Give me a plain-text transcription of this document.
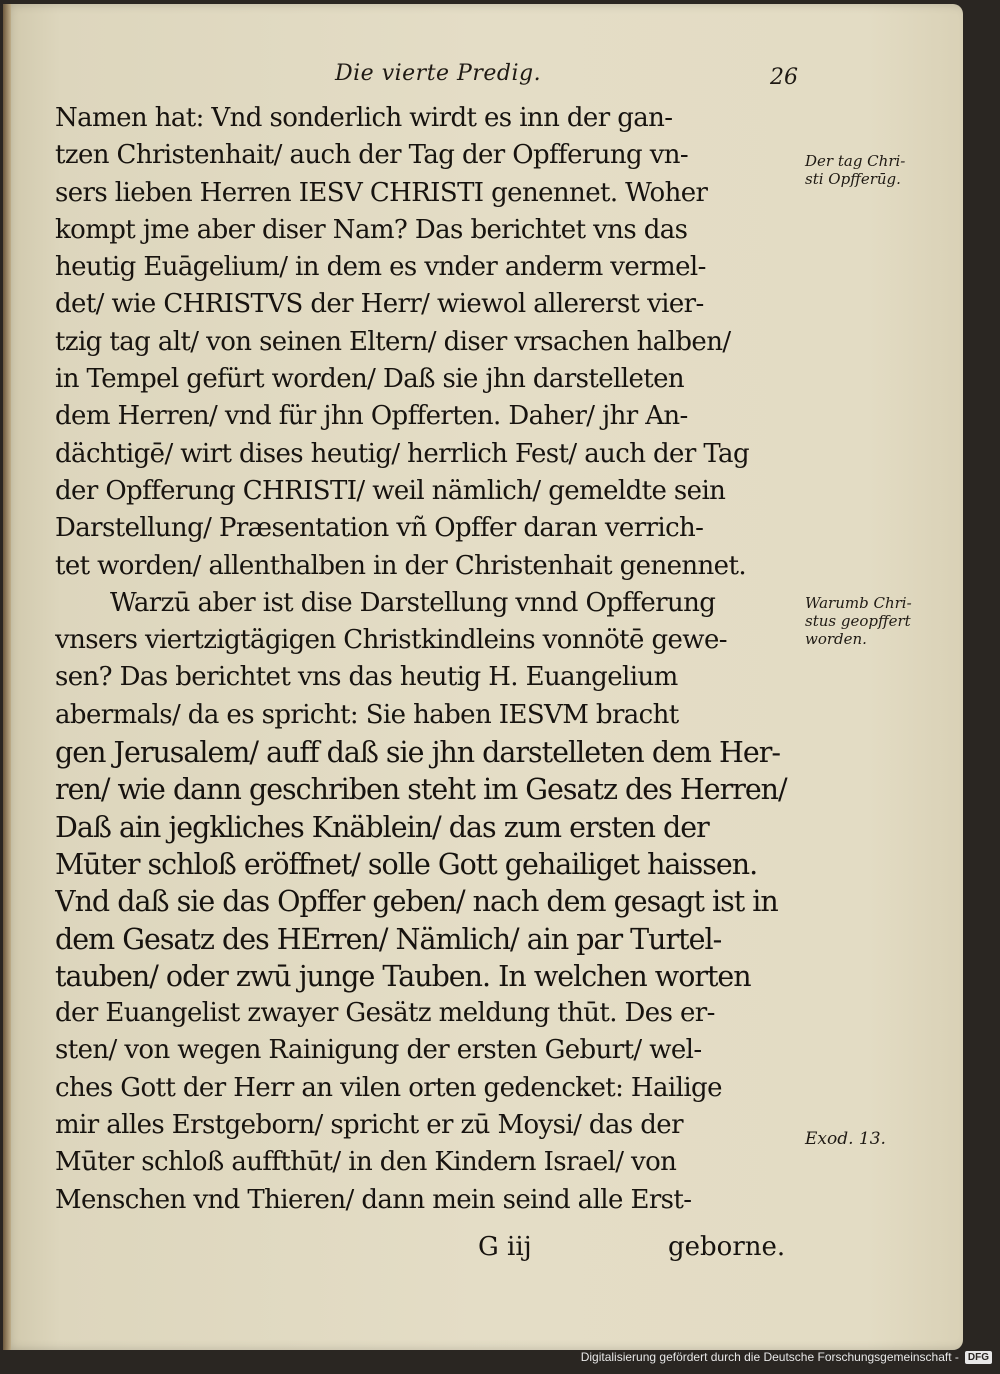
Die vierte Predig.	26
Namen hat: Vnd sonderlich wirdt es inn der gan-
tzen Christenhait/ auch der Tag der Opfferung vn-
sers lieben Herren IESV CHRISTI genennet. Woher
kompt jme aber diser Nam? Das berichtet vns das
heutig Euāgelium/ in dem es vnder anderm vermel-
det/ wie CHRISTVS der Herr/ wiewol allererst vier-
tzig tag alt/ von seinen Eltern/ diser vrsachen halben/
in Tempel gefürt worden/ Daß sie jhn darstelleten
dem Herren/ vnd für jhn Opfferten. Daher/ jhr An-
dächtigē/ wirt dises heutig/ herrlich Fest/ auch der Tag
der Opfferung CHRISTI/ weil nämlich/ gemeldte sein
Darstellung/ Præsentation vñ Opffer daran verrich-
tet worden/ allenthalben in der Christenhait genennet.
Warzū aber ist dise Darstellung vnnd Opfferung
vnsers viertzigtägigen Christkindleins vonnötē gewe-
sen? Das berichtet vns das heutig H. Euangelium
abermals/ da es spricht: Sie haben IESVM bracht
gen Jerusalem/ auff daß sie jhn darstelleten dem Her-
ren/ wie dann geschriben steht im Gesatz des Herren/
Daß ain jegkliches Knäblein/ das zum ersten der
Mūter schloß eröffnet/ solle Gott gehailiget haissen.
Vnd daß sie das Opffer geben/ nach dem gesagt ist in
dem Gesatz des HErren/ Nämlich/ ain par Turtel-
tauben/ oder zwū junge Tauben. In welchen worten
der Euangelist zwayer Gesätz meldung thūt. Des er-
sten/ von wegen Rainigung der ersten Geburt/ wel-
ches Gott der Herr an vilen orten gedencket: Hailige
mir alles Erstgeborn/ spricht er zū Moysi/ das der
Mūter schloß auffthūt/ in den Kindern Israel/ von
Menschen vnd Thieren/ dann mein seind alle Erst-
G iij	geborne.
Der tag Chri-
sti Opfferūg.
Warumb Chri-
stus geopffert
worden.
Exod. 13.
Digitalisierung gefördert durch die Deutsche Forschungsgemeinschaft - DFG
